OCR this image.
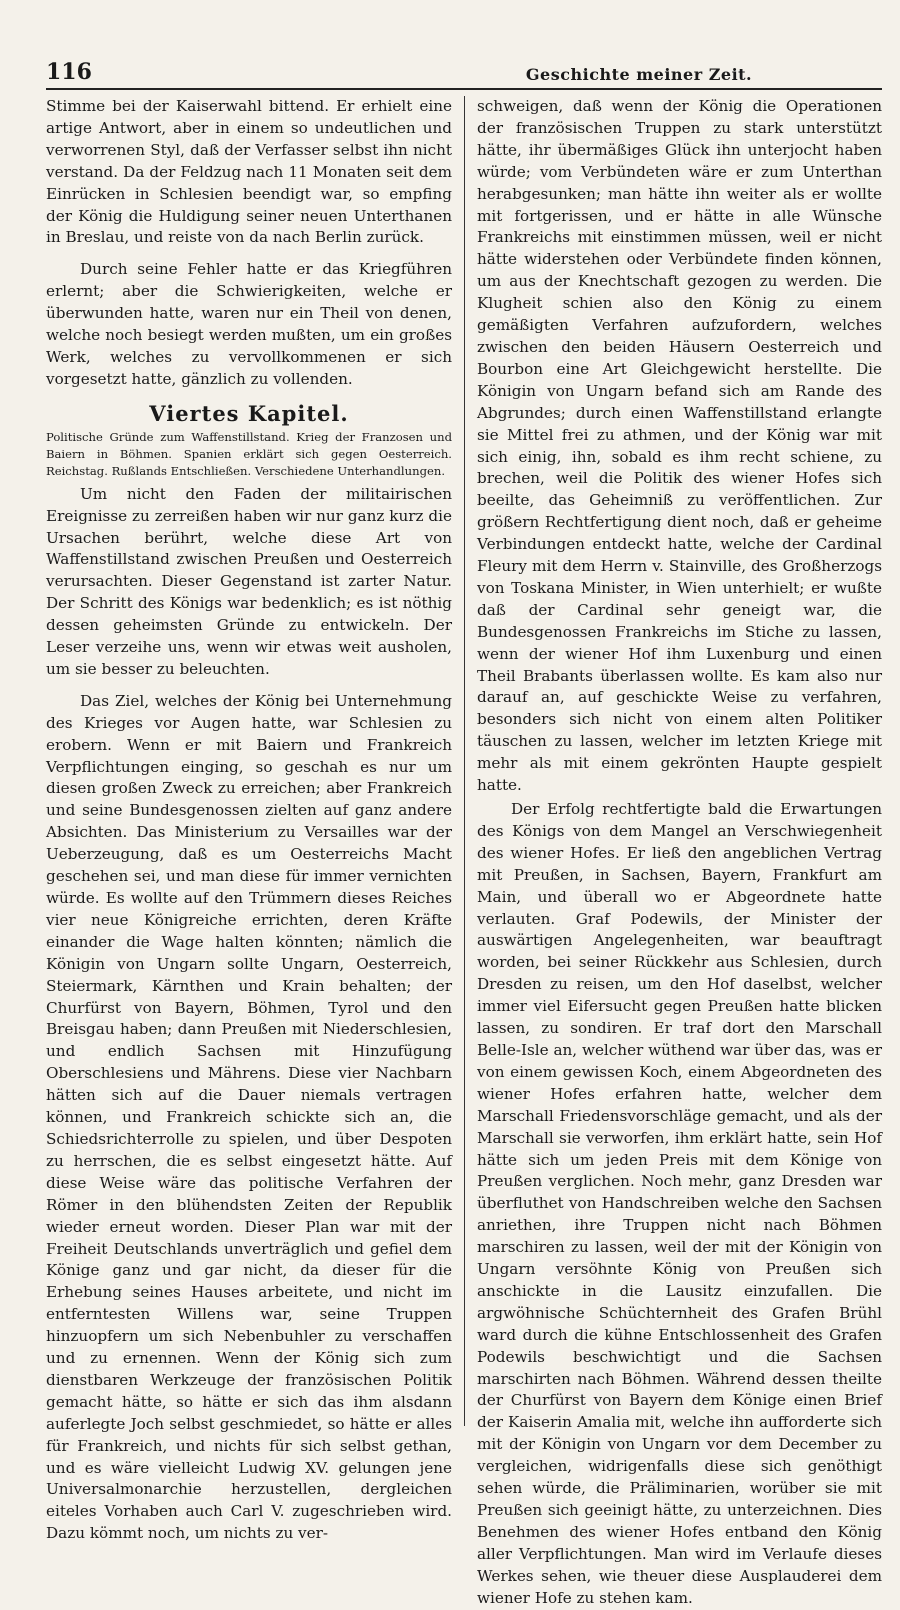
116	Geschichte meiner Zeit.

Stimme bei der Kaiserwahl bittend. Er erhielt eine artige Antwort, aber in einem so undeutlichen und verworrenen Styl, daß der Verfasser selbst ihn nicht verstand. Da der Feldzug nach 11 Monaten seit dem Einrücken in Schlesien beendigt war, so empfing der König die Huldigung seiner neuen Unterthanen in Breslau, und reiste von da nach Berlin zurück.

Durch seine Fehler hatte er das Kriegführen erlernt; aber die Schwierigkeiten, welche er überwunden hatte, waren nur ein Theil von denen, welche noch besiegt werden mußten, um ein großes Werk, welches zu vervollkommenen er sich vorgesetzt hatte, gänzlich zu vollenden.

Viertes Kapitel.

Politische Gründe zum Waffenstillstand. Krieg der Franzosen und Baiern in Böhmen. Spanien erklärt sich gegen Oesterreich. Reichstag. Rußlands Entschließen. Verschiedene Unterhandlungen.

Um nicht den Faden der militairischen Ereignisse zu zerreißen haben wir nur ganz kurz die Ursachen berührt, welche diese Art von Waffenstillstand zwischen Preußen und Oesterreich verursachten. Dieser Gegenstand ist zarter Natur. Der Schritt des Königs war bedenklich; es ist nöthig dessen geheimsten Gründe zu entwickeln. Der Leser verzeihe uns, wenn wir etwas weit ausholen, um sie besser zu beleuchten.

Das Ziel, welches der König bei Unternehmung des Krieges vor Augen hatte, war Schlesien zu erobern. Wenn er mit Baiern und Frankreich Verpflichtungen einging, so geschah es nur um diesen großen Zweck zu erreichen; aber Frankreich und seine Bundesgenossen zielten auf ganz andere Absichten. Das Ministerium zu Versailles war der Ueberzeugung, daß es um Oesterreichs Macht geschehen sei, und man diese für immer vernichten würde. Es wollte auf den Trümmern dieses Reiches vier neue Königreiche errichten, deren Kräfte einander die Wage halten könnten; nämlich die Königin von Ungarn sollte Ungarn, Oesterreich, Steiermark, Kärnthen und Krain behalten; der Churfürst von Bayern, Böhmen, Tyrol und den Breisgau haben; dann Preußen mit Niederschlesien, und endlich Sachsen mit Hinzufügung Oberschlesiens und Mährens. Diese vier Nachbarn hätten sich auf die Dauer niemals vertragen können, und Frankreich schickte sich an, die Schiedsrichterrolle zu spielen, und über Despoten zu herrschen, die es selbst eingesetzt hätte. Auf diese Weise wäre das politische Verfahren der Römer in den blühendsten Zeiten der Republik wieder erneut worden. Dieser Plan war mit der Freiheit Deutschlands unverträglich und gefiel dem Könige ganz und gar nicht, da dieser für die Erhebung seines Hauses arbeitete, und nicht im entferntesten Willens war, seine Truppen hinzuopfern um sich Nebenbuhler zu verschaffen und zu ernennen. Wenn der König sich zum dienstbaren Werkzeuge der französischen Politik gemacht hätte, so hätte er sich das ihm alsdann auferlegte Joch selbst geschmiedet, so hätte er alles für Frankreich, und nichts für sich selbst gethan, und es wäre vielleicht Ludwig XV. gelungen jene Universalmonarchie herzustellen, dergleichen eiteles Vorhaben auch Carl V. zugeschrieben wird. Dazu kömmt noch, um nichts zu ver-

schweigen, daß wenn der König die Operationen der französischen Truppen zu stark unterstützt hätte, ihr übermäßiges Glück ihn unterjocht haben würde; vom Verbündeten wäre er zum Unterthan herabgesunken; man hätte ihn weiter als er wollte mit fortgerissen, und er hätte in alle Wünsche Frankreichs mit einstimmen müssen, weil er nicht hätte widerstehen oder Verbündete finden können, um aus der Knechtschaft gezogen zu werden. Die Klugheit schien also den König zu einem gemäßigten Verfahren aufzufordern, welches zwischen den beiden Häusern Oesterreich und Bourbon eine Art Gleichgewicht herstellte. Die Königin von Ungarn befand sich am Rande des Abgrundes; durch einen Waffenstillstand erlangte sie Mittel frei zu athmen, und der König war mit sich einig, ihn, sobald es ihm recht schiene, zu brechen, weil die Politik des wiener Hofes sich beeilte, das Geheimniß zu veröffentlichen. Zur größern Rechtfertigung dient noch, daß er geheime Verbindungen entdeckt hatte, welche der Cardinal Fleury mit dem Herrn v. Stainville, des Großherzogs von Toskana Minister, in Wien unterhielt; er wußte daß der Cardinal sehr geneigt war, die Bundesgenossen Frankreichs im Stiche zu lassen, wenn der wiener Hof ihm Luxenburg und einen Theil Brabants überlassen wollte. Es kam also nur darauf an, auf geschickte Weise zu verfahren, besonders sich nicht von einem alten Politiker täuschen zu lassen, welcher im letzten Kriege mit mehr als mit einem gekrönten Haupte gespielt hatte.

Der Erfolg rechtfertigte bald die Erwartungen des Königs von dem Mangel an Verschwiegenheit des wiener Hofes. Er ließ den angeblichen Vertrag mit Preußen, in Sachsen, Bayern, Frankfurt am Main, und überall wo er Abgeordnete hatte verlauten. Graf Podewils, der Minister der auswärtigen Angelegenheiten, war beauftragt worden, bei seiner Rückkehr aus Schlesien, durch Dresden zu reisen, um den Hof daselbst, welcher immer viel Eifersucht gegen Preußen hatte blicken lassen, zu sondiren. Er traf dort den Marschall Belle-Isle an, welcher wüthend war über das, was er von einem gewissen Koch, einem Abgeordneten des wiener Hofes erfahren hatte, welcher dem Marschall Friedensvorschläge gemacht, und als der Marschall sie verworfen, ihm erklärt hatte, sein Hof hätte sich um jeden Preis mit dem Könige von Preußen verglichen. Noch mehr, ganz Dresden war überfluthet von Handschreiben welche den Sachsen anriethen, ihre Truppen nicht nach Böhmen marschiren zu lassen, weil der mit der Königin von Ungarn versöhnte König von Preußen sich anschickte in die Lausitz einzufallen. Die argwöhnische Schüchternheit des Grafen Brühl ward durch die kühne Entschlossenheit des Grafen Podewils beschwichtigt und die Sachsen marschirten nach Böhmen. Während dessen theilte der Churfürst von Bayern dem Könige einen Brief der Kaiserin Amalia mit, welche ihn aufforderte sich mit der Königin von Ungarn vor dem December zu vergleichen, widrigenfalls diese sich genöthigt sehen würde, die Präliminarien, worüber sie mit Preußen sich geeinigt hätte, zu unterzeichnen. Dies Benehmen des wiener Hofes entband den König aller Verpflichtungen. Man wird im Verlaufe dieses Werkes sehen, wie theuer diese Ausplauderei dem wiener Hofe zu stehen kam.
